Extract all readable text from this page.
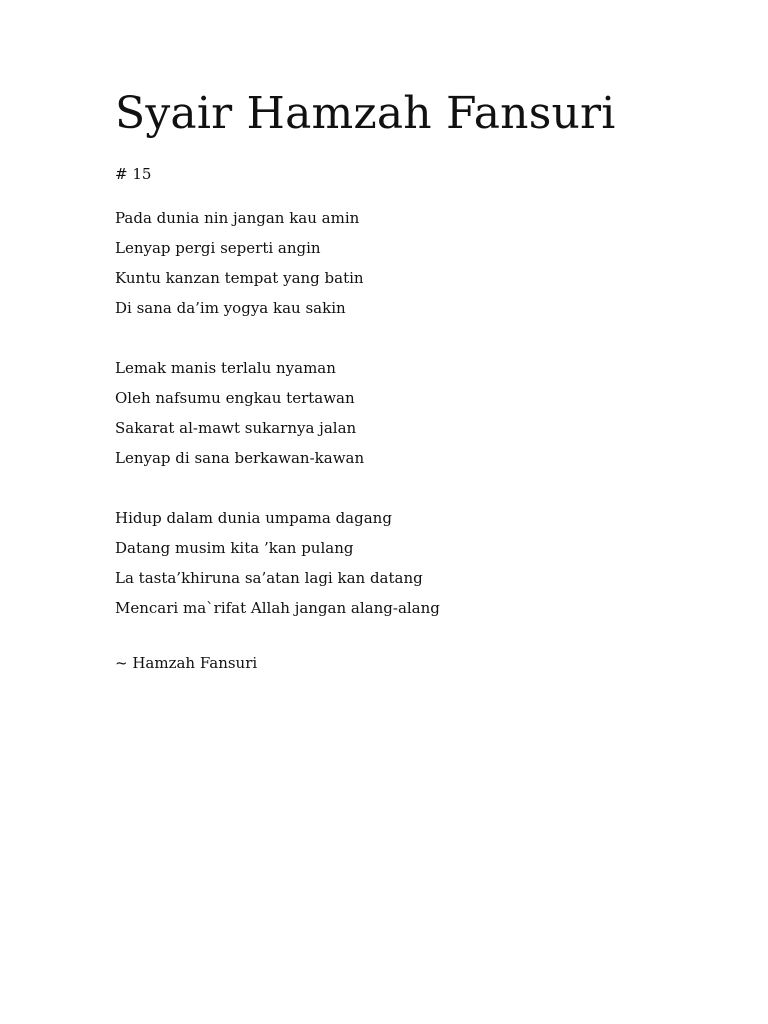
Syair Hamzah Fansuri
# 15
Pada dunia nin jangan kau amin
Lenyap pergi seperti angin
Kuntu kanzan tempat yang batin
Di sana da’im yogya kau sakin
Lemak manis terlalu nyaman
Oleh nafsumu engkau tertawan
Sakarat al-mawt sukarnya jalan
Lenyap di sana berkawan-kawan
Hidup dalam dunia umpama dagang
Datang musim kita ’kan pulang
La tasta’khiruna sa’atan lagi kan datang
Mencari ma`rifat Allah jangan alang-alang
~ Hamzah Fansuri
